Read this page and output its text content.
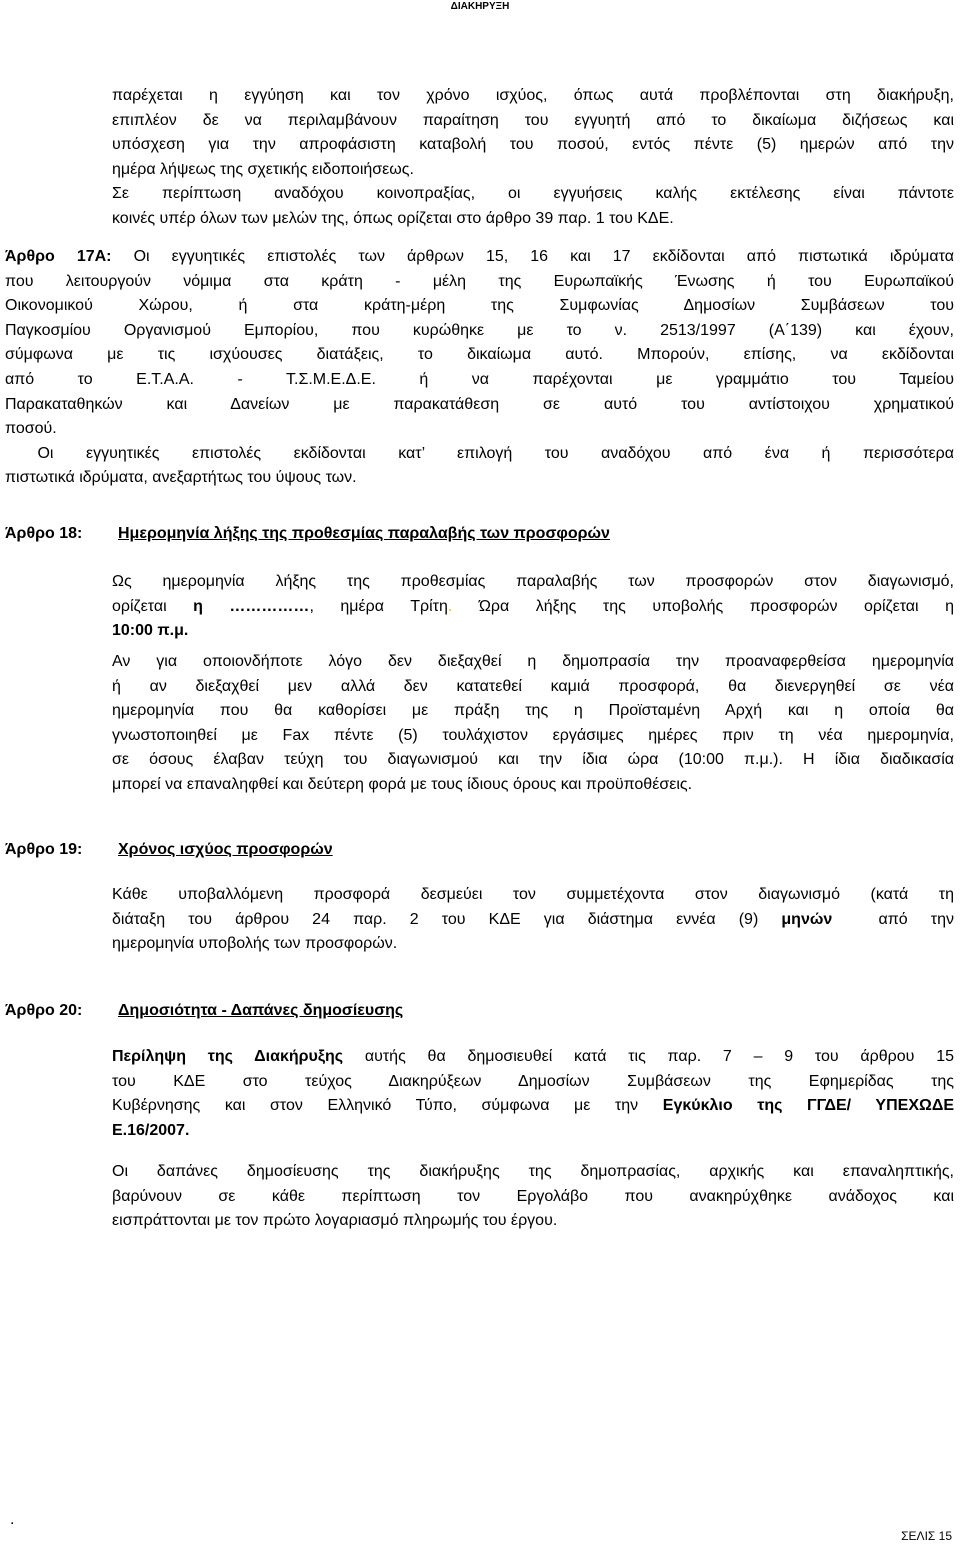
ΔΙΑΚΗΡΥΞΗ

παρέχεται η εγγύηση και τον χρόνο ισχύος, όπως αυτά προβλέπονται στη διακήρυξη,

επιπλέον δε να περιλαμβάνουν παραίτηση του εγγυητή από το δικαίωμα διζήσεως και

υπόσχεση για την απροφάσιστη καταβολή του ποσού, εντός πέντε (5) ημερών από την

ημέρα λήψεως της σχετικής ειδοποιήσεως.

Σε περίπτωση αναδόχου κοινοπραξίας, οι εγγυήσεις καλής εκτέλεσης είναι πάντοτε

κοινές υπέρ όλων των μελών της, όπως ορίζεται στο άρθρο 39 παρ. 1 του ΚΔΕ.

Άρθρο 17Α: Οι εγγυητικές επιστολές των άρθρων 15, 16 και 17 εκδίδονται από πιστωτικά ιδρύματα

που λειτουργούν νόμιμα στα κράτη - μέλη της Ευρωπαϊκής Ένωσης ή του Ευρωπαϊκού

Οικονομικού Χώρου, ή στα κράτη-μέρη της Συμφωνίας Δημοσίων Συμβάσεων του

Παγκοσμίου Οργανισμού Εμπορίου, που κυρώθηκε με το ν. 2513/1997 (Α΄139) και έχουν,

σύμφωνα με τις ισχύουσες διατάξεις, το δικαίωμα αυτό. Μπορούν, επίσης, να εκδίδονται

από το Ε.Τ.Α.Α. - Τ.Σ.Μ.Ε.Δ.Ε. ή να παρέχονται με γραμμάτιο του Ταμείου

Παρακαταθηκών και Δανείων με παρακατάθεση σε αυτό του αντίστοιχου χρηματικού

ποσού.

Οι εγγυητικές επιστολές εκδίδονται κατ’ επιλογή του αναδόχου από ένα ή περισσότερα

πιστωτικά ιδρύματα, ανεξαρτήτως του ύψους των.

Άρθρο 18: Ημερομηνία λήξης της προθεσμίας παραλαβής των προσφορών

Ως ημερομηνία λήξης της προθεσμίας παραλαβής των προσφορών στον διαγωνισμό,

ορίζεται η ……………, ημέρα Τρίτη. Ώρα λήξης της υποβολής προσφορών ορίζεται η

10:00 π.μ.

Αν για οποιονδήποτε λόγο δεν διεξαχθεί η δημοπρασία την προαναφερθείσα ημερομηνία

ή αν διεξαχθεί μεν αλλά δεν κατατεθεί καμιά προσφορά, θα διενεργηθεί σε νέα

ημερομηνία που θα καθορίσει με πράξη της η Προϊσταμένη Αρχή και η οποία θα

γνωστοποιηθεί με Fax πέντε (5) τουλάχιστον εργάσιμες ημέρες πριν τη νέα ημερομηνία,

σε όσους έλαβαν τεύχη του διαγωνισμού και την ίδια ώρα (10:00 π.μ.). Η ίδια διαδικασία

μπορεί να επαναληφθεί και δεύτερη φορά με τους ίδιους όρους και προϋποθέσεις.

Άρθρο 19: Χρόνος ισχύος προσφορών

Κάθε υποβαλλόμενη προσφορά δεσμεύει τον συμμετέχοντα στον διαγωνισμό (κατά τη

διάταξη του άρθρου 24 παρ. 2 του ΚΔΕ για διάστημα εννέα (9) μηνών  από την

ημερομηνία υποβολής των προσφορών.

Άρθρο 20: Δημοσιότητα - Δαπάνες δημοσίευσης

Περίληψη της Διακήρυξης αυτής θα δημοσιευθεί κατά τις παρ. 7 – 9 του άρθρου 15

του ΚΔΕ στο τεύχος Διακηρύξεων Δημοσίων Συμβάσεων της Εφημερίδας της

Κυβέρνησης και στον Ελληνικό Τύπο, σύμφωνα με την Εγκύκλιο της ΓΓΔΕ/ ΥΠΕΧΩΔΕ

Ε.16/2007.

Οι δαπάνες δημοσίευσης της διακήρυξης της δημοπρασίας, αρχικής και επαναληπτικής,

βαρύνουν σε κάθε περίπτωση τον Εργολάβο που ανακηρύχθηκε ανάδοχος και

εισπράττονται με τον πρώτο λογαριασμό πληρωμής του έργου.

.
ΣΕΛΙΣ 15
